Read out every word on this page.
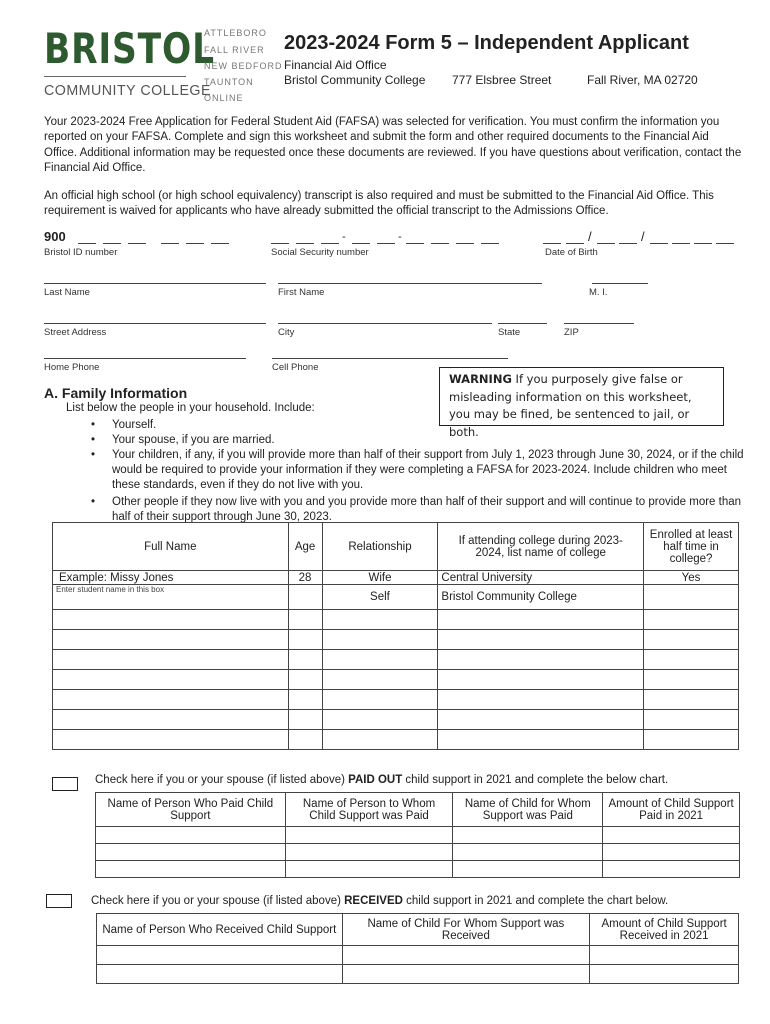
BRISTOL
COMMUNITY COLLEGE
ATTLEBORO
FALL RIVER
NEW BEDFORD
TAUNTON
ONLINE
2023-2024 Form 5 – Independent Applicant
Financial Aid Office
Bristol Community College 777 Elsbree Street	Fall River, MA 02720
Your 2023-2024 Free Application for Federal Student Aid (FAFSA) was selected for verification. You must confirm the information you reported on your FAFSA. Complete and sign this worksheet and submit the form and other required documents to the Financial Aid Office. Additional information may be requested once these documents are reviewed. If you have questions about verification, contact the Financial Aid Office.
An official high school (or high school equivalency) transcript is also required and must be submitted to the Financial Aid Office. This requirement is waived for applicants who have already submitted the official transcript to the Admissions Office.
900
Bristol ID number
-	-
Social Security number
/	/
Date of Birth
Last Name	First Name	M. I.
Street Address	City	State	ZIP
Home Phone	Cell Phone
WARNING If you purposely give false or misleading information on this worksheet, you may be fined, be sentenced to jail, or both.
A. Family Information
List below the people in your household. Include:
• Yourself.
• Your spouse, if you are married.
• Your children, if any, if you will provide more than half of their support from July 1, 2023 through June 30, 2024, or if the child would be required to provide your information if they were completing a FAFSA for 2023-2024. Include children who meet these standards, even if they do not live with you.
• Other people if they now live with you and you provide more than half of their support and will continue to provide more than half of their support through June 30, 2023.
Full Name	Age	Relationship	If attending college during 2023-2024, list name of college	Enrolled at least half time in college?
Example: Missy Jones	28	Wife	Central University	Yes
Enter student name in this box		Self	Bristol Community College	

Check here if you or your spouse (if listed above) PAID OUT child support in 2021 and complete the below chart.
Name of Person Who Paid Child Support	Name of Person to Whom Child Support was Paid	Name of Child for Whom Support was Paid	Amount of Child Support Paid in 2021

Check here if you or your spouse (if listed above) RECEIVED child support in 2021 and complete the chart below.
Name of Person Who Received Child Support	Name of Child For Whom Support was Received	Amount of Child Support Received in 2021
